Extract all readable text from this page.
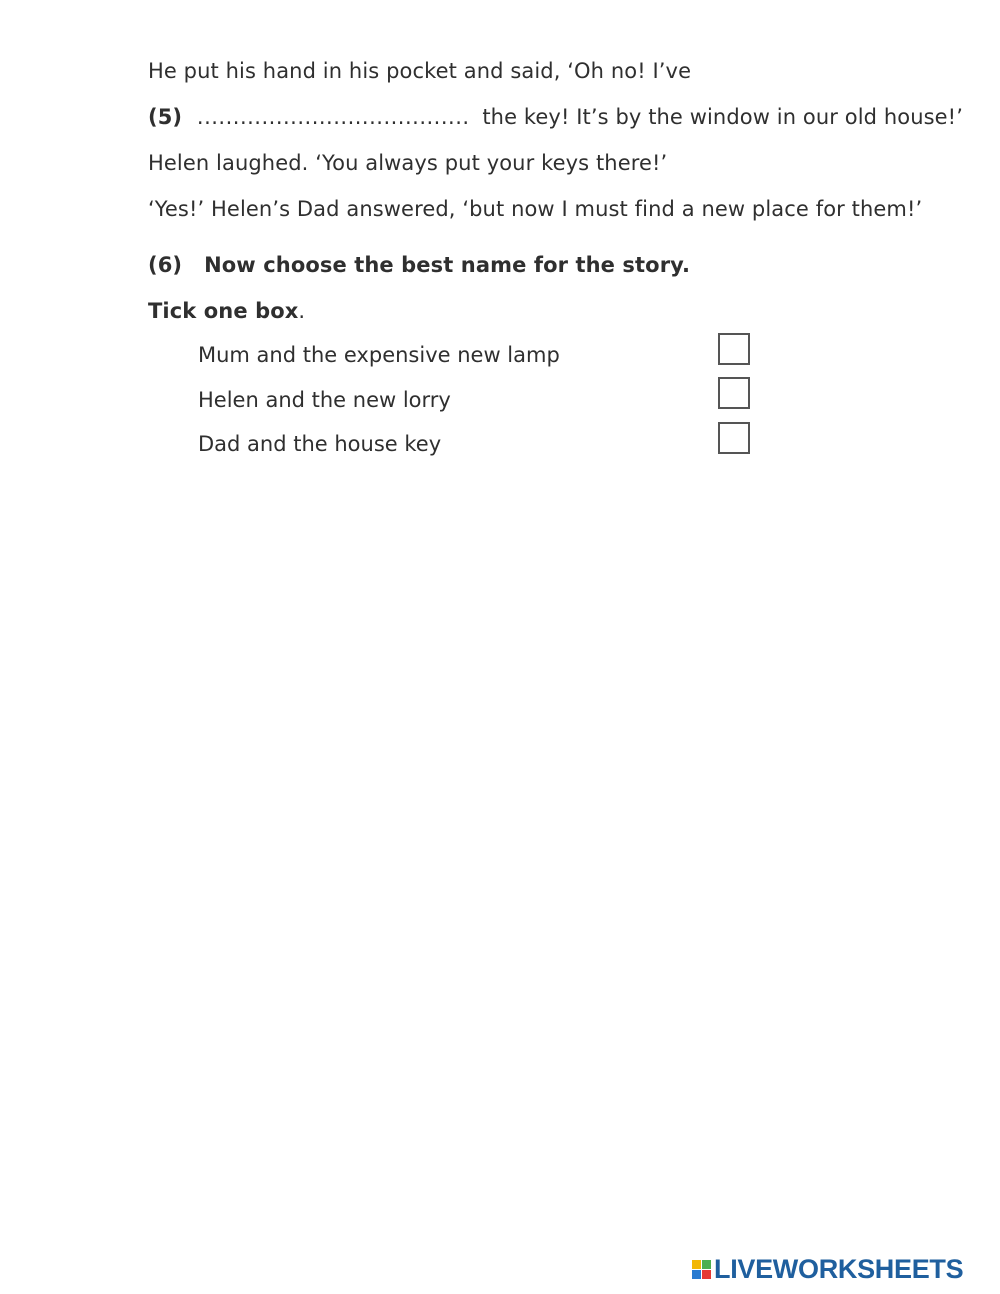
He put his hand in his pocket and said, ‘Oh no! I’ve
(5) ...................................... the key! It’s by the window in our old house!’
Helen laughed. ‘You always put your keys there!’
‘Yes!’ Helen’s Dad answered, ‘but now I must find a new place for them!’
(6) Now choose the best name for the story.
Tick one box.
Mum and the expensive new lamp
Helen and the new lorry
Dad and the house key
LIVEWORKSHEETS
